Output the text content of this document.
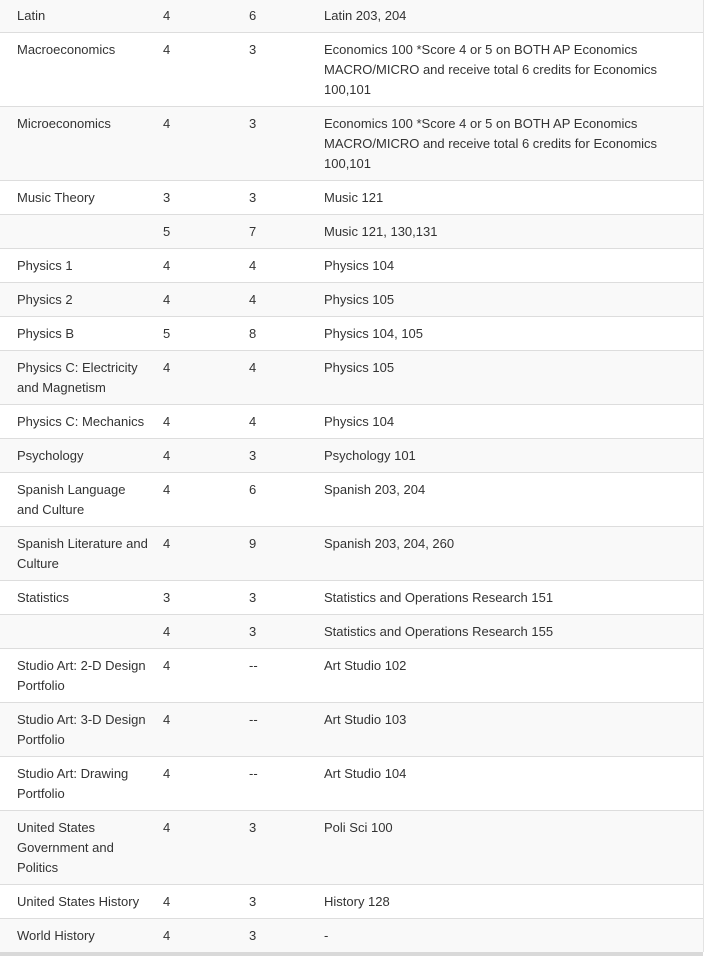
Latin	4	6	Latin 203, 204
Macroeconomics	4	3	Economics 100 *Score 4 or 5 on BOTH AP Economics MACRO/MICRO and receive total 6 credits for Economics 100,101
Microeconomics	4	3	Economics 100 *Score 4 or 5 on BOTH AP Economics MACRO/MICRO and receive total 6 credits for Economics 100,101
Music Theory	3	3	Music 121
	5	7	Music 121, 130,131
Physics 1	4	4	Physics 104
Physics 2	4	4	Physics 105
Physics B	5	8	Physics 104, 105
Physics C: Electricity and Magnetism	4	4	Physics 105
Physics C: Mechanics	4	4	Physics 104
Psychology	4	3	Psychology 101
Spanish Language and Culture	4	6	Spanish 203, 204
Spanish Literature and Culture	4	9	Spanish 203, 204, 260
Statistics	3	3	Statistics and Operations Research 151
	4	3	Statistics and Operations Research 155
Studio Art: 2-D Design Portfolio	4	--	Art Studio 102
Studio Art: 3-D Design Portfolio	4	--	Art Studio 103
Studio Art: Drawing Portfolio	4	--	Art Studio 104
United States Government and Politics	4	3	Poli Sci 100
United States History	4	3	History 128
World History	4	3	-
